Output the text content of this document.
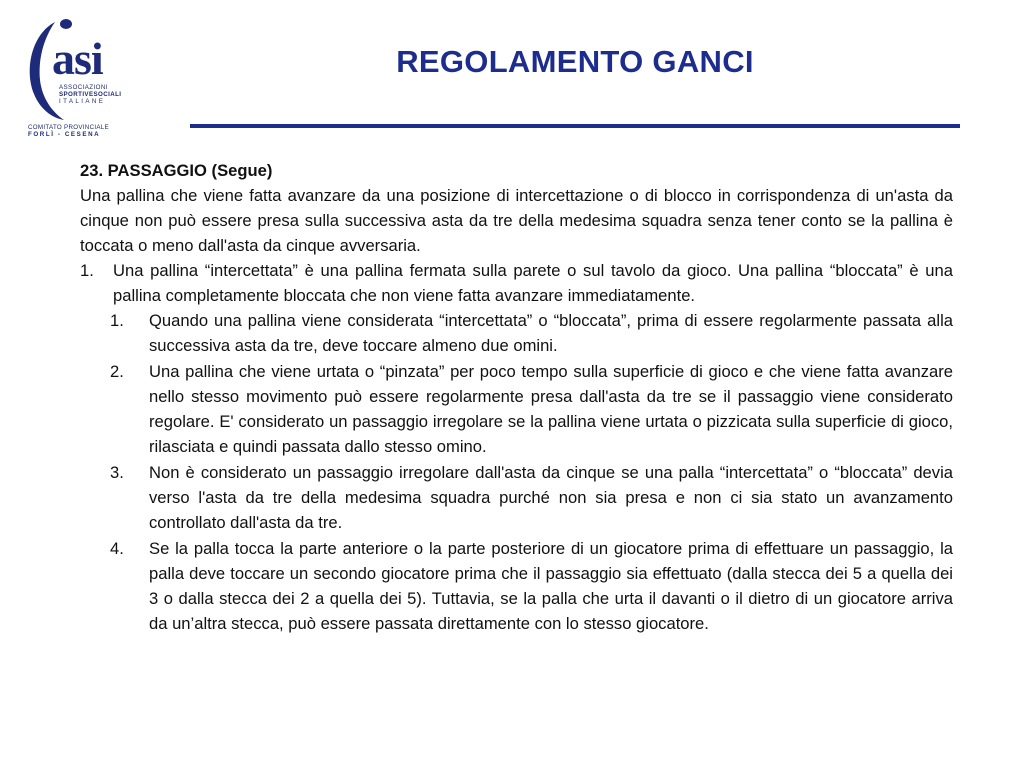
asi
ASSOCIAZIONI
SPORTIVESOCIALI
ITALIANE
COMITATO PROVINCIALE
FORLÌ - CESENA
REGOLAMENTO GANCI

23. PASSAGGIO (Segue)

Una pallina che viene fatta avanzare da una posizione di intercettazione o di blocco in corrispondenza di un'asta da cinque non può essere presa sulla successiva asta da tre della medesima squadra senza tener conto se la pallina è toccata o meno dall'asta da cinque avversaria.

1.	Una pallina “intercettata” è una pallina fermata sulla parete o sul tavolo da gioco. Una pallina “bloccata” è una pallina completamente bloccata che non viene fatta avanzare immediatamente.
1.	Quando una pallina viene considerata “intercettata” o “bloccata”, prima di essere regolarmente passata alla successiva asta da tre, deve toccare almeno due omini.
2.	Una pallina che viene urtata o “pinzata” per poco tempo sulla superficie di gioco e che viene fatta avanzare nello stesso movimento può essere regolarmente presa dall'asta da tre se il passaggio viene considerato regolare. E' considerato un passaggio irregolare se la pallina viene urtata o pizzicata sulla superficie di gioco, rilasciata e quindi passata dallo stesso omino.
3.	Non è considerato un passaggio irregolare dall'asta da cinque se una palla “intercettata” o “bloccata” devia verso l'asta da tre della medesima squadra purché non sia presa e non ci sia stato un avanzamento controllato dall'asta da tre.
4.	Se la palla tocca la parte anteriore o la parte posteriore di un giocatore prima di effettuare un passaggio, la palla deve toccare un secondo giocatore prima che il passaggio sia effettuato (dalla stecca dei 5 a quella dei 3 o dalla stecca dei 2 a quella dei 5). Tuttavia, se la palla che urta il davanti o il dietro di un giocatore arriva da un’altra stecca, può essere passata direttamente con lo stesso giocatore.
